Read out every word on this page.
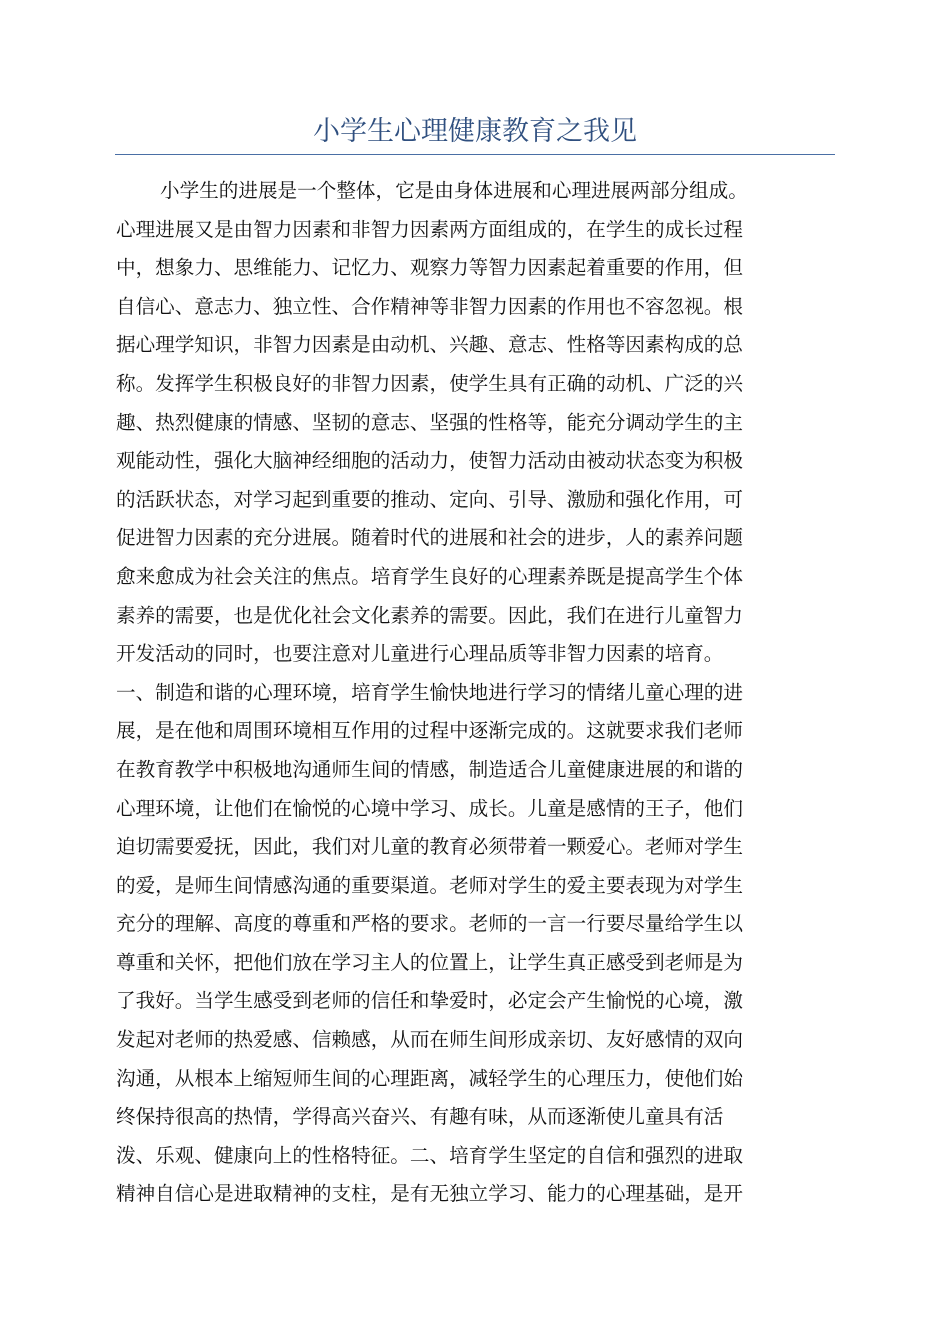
小学生心理健康教育之我见
小学生的进展是一个整体，它是由身体进展和心理进展两部分组成。
心理进展又是由智力因素和非智力因素两方面组成的，在学生的成长过程
中，想象力、思维能力、记忆力、观察力等智力因素起着重要的作用，但
自信心、意志力、独立性、合作精神等非智力因素的作用也不容忽视。根
据心理学知识，非智力因素是由动机、兴趣、意志、性格等因素构成的总
称。发挥学生积极良好的非智力因素，使学生具有正确的动机、广泛的兴
趣、热烈健康的情感、坚韧的意志、坚强的性格等，能充分调动学生的主
观能动性，强化大脑神经细胞的活动力，使智力活动由被动状态变为积极
的活跃状态，对学习起到重要的推动、定向、引导、激励和强化作用，可
促进智力因素的充分进展。随着时代的进展和社会的进步，人的素养问题
愈来愈成为社会关注的焦点。培育学生良好的心理素养既是提高学生个体
素养的需要，也是优化社会文化素养的需要。因此，我们在进行儿童智力
开发活动的同时，也要注意对儿童进行心理品质等非智力因素的培育。
一、制造和谐的心理环境，培育学生愉快地进行学习的情绪儿童心理的进
展，是在他和周围环境相互作用的过程中逐渐完成的。这就要求我们老师
在教育教学中积极地沟通师生间的情感，制造适合儿童健康进展的和谐的
心理环境，让他们在愉悦的心境中学习、成长。儿童是感情的王子，他们
迫切需要爱抚，因此，我们对儿童的教育必须带着一颗爱心。老师对学生
的爱，是师生间情感沟通的重要渠道。老师对学生的爱主要表现为对学生
充分的理解、高度的尊重和严格的要求。老师的一言一行要尽量给学生以
尊重和关怀，把他们放在学习主人的位置上，让学生真正感受到老师是为
了我好。当学生感受到老师的信任和挚爱时，必定会产生愉悦的心境，激
发起对老师的热爱感、信赖感，从而在师生间形成亲切、友好感情的双向
沟通，从根本上缩短师生间的心理距离，减轻学生的心理压力，使他们始
终保持很高的热情，学得高兴奋兴、有趣有味，从而逐渐使儿童具有活
泼、乐观、健康向上的性格特征。二、培育学生坚定的自信和强烈的进取
精神自信心是进取精神的支柱，是有无独立学习、能力的心理基础，是开
